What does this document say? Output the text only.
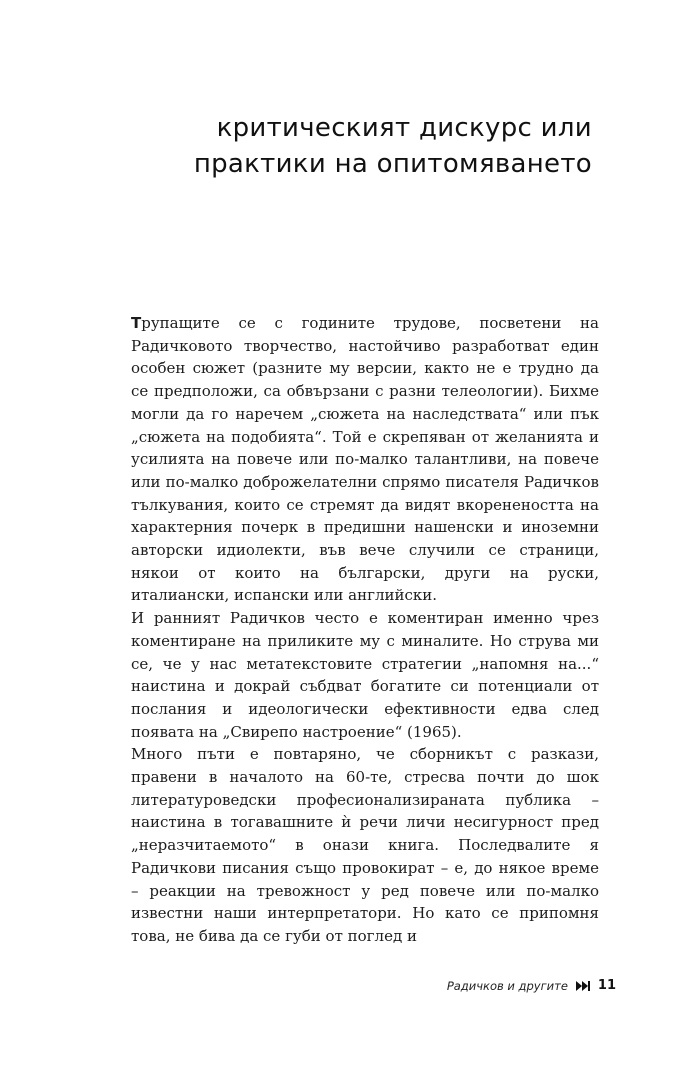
критическият дискурс или
практики на опитомяването

Трупащите се с годините трудове, посветени на Радичковото творчество, настойчиво разработват един особен сюжет (разните му версии, както не е трудно да се предположи, са обвързани с разни телеологии). Бихме могли да го наречем „сюжета на наследствата“ или пък „сюжета на подобията“. Той е скрепяван от желанията и усилията на повече или по-малко талантливи, на повече или по-малко доброжелателни спрямо писателя Радичков тълкувания, които се стремят да видят вкоренеността на характерния почерк в предишни нашенски и иноземни авторски идиолекти, във вече случили се страници, някои от които на български, други на руски, италиански, испански или английски.

И ранният Радичков често е коментиран именно чрез коментиране на приликите му с миналите. Но струва ми се, че у нас метатекстовите стратегии „напомня на...“ наистина и докрай събдват богатите си потенциали от послания и идеологически ефективности едва след появата на „Свирепо настроение“ (1965).

Много пъти е повтаряно, че сборникът с разкази, правени в началото на 60-те, стресва почти до шок литературоведски професионализираната публика – наистина в тогавашните ѝ речи личи несигурност пред „неразчитаемото“ в онази книга. Последвалите я Радичкови писания също провокират – е, до някое време – реакции на тревожност у ред повече или по-малко известни наши интерпретатори. Но като се припомня това, не бива да се губи от поглед и

Радичков и другите 11
